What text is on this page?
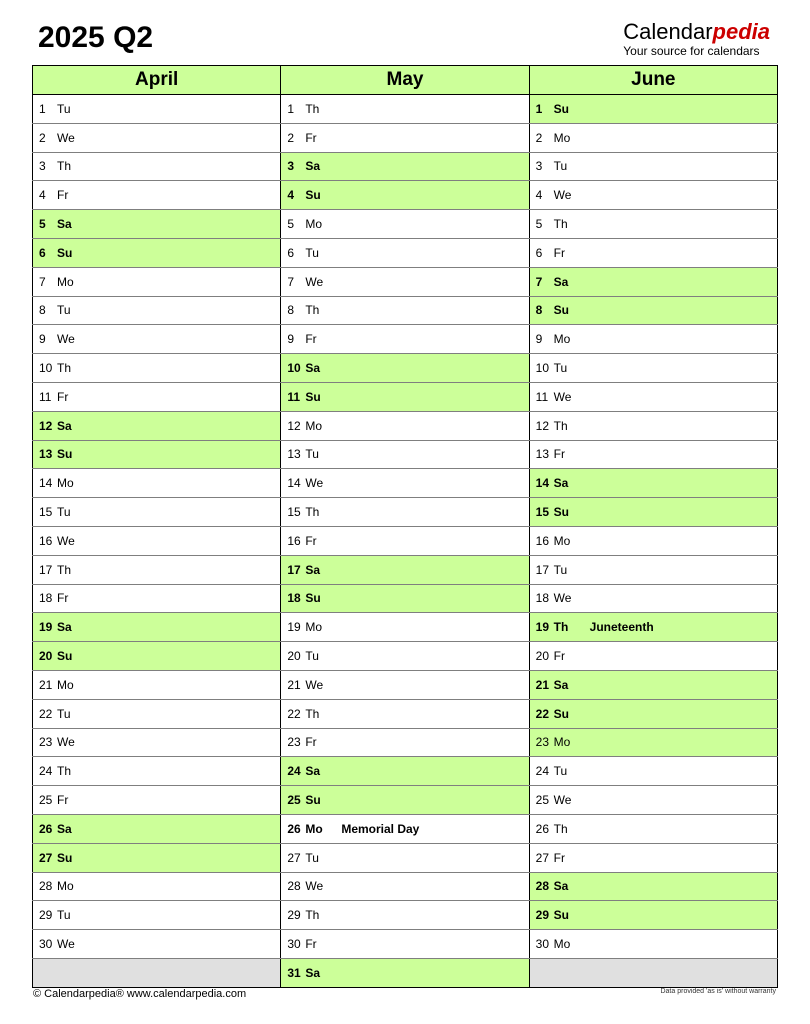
2025 Q2	Calendarpedia
Your source for calendars
April	May	June
1 Tu	1 Th	1 Su
2 We	2 Fr	2 Mo
3 Th	3 Sa	3 Tu
4 Fr	4 Su	4 We
5 Sa	5 Mo	5 Th
6 Su	6 Tu	6 Fr
7 Mo	7 We	7 Sa
8 Tu	8 Th	8 Su
9 We	9 Fr	9 Mo
10 Th	10 Sa	10 Tu
11 Fr	11 Su	11 We
12 Sa	12 Mo	12 Th
13 Su	13 Tu	13 Fr
14 Mo	14 We	14 Sa
15 Tu	15 Th	15 Su
16 We	16 Fr	16 Mo
17 Th	17 Sa	17 Tu
18 Fr	18 Su	18 We
19 Sa	19 Mo	19 Th Juneteenth
20 Su	20 Tu	20 Fr
21 Mo	21 We	21 Sa
22 Tu	22 Th	22 Su
23 We	23 Fr	23 Mo
24 Th	24 Sa	24 Tu
25 Fr	25 Su	25 We
26 Sa	26 Mo Memorial Day	26 Th
27 Su	27 Tu	27 Fr
28 Mo	28 We	28 Sa
29 Tu	29 Th	29 Su
30 We	30 Fr	30 Mo
	31 Sa	
© Calendarpedia® www.calendarpedia.com	Data provided 'as is' without warranty
